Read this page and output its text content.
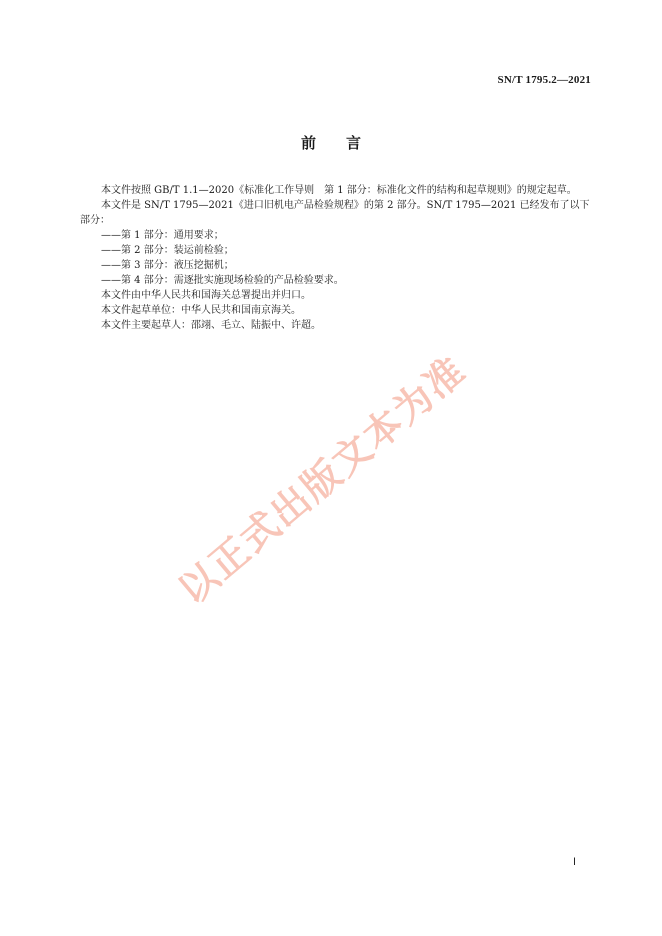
SN/T 1795.2—2021
前言

本文件按照 GB/T 1.1—2020《标准化工作导则　第 1 部分：标准化文件的结构和起草规则》的规定起草。

本文件是 SN/T 1795—2021《进口旧机电产品检验规程》的第 2 部分。SN/T 1795—2021 已经发布了以下部分：

——第 1 部分：通用要求；

——第 2 部分：装运前检验；

——第 3 部分：液压挖掘机；

——第 4 部分：需逐批实施现场检验的产品检验要求。

本文件由中华人民共和国海关总署提出并归口。

本文件起草单位：中华人民共和国南京海关。

本文件主要起草人：邵翊、毛立、陆振中、许超。

以正式出版文本为准
Ⅰ
